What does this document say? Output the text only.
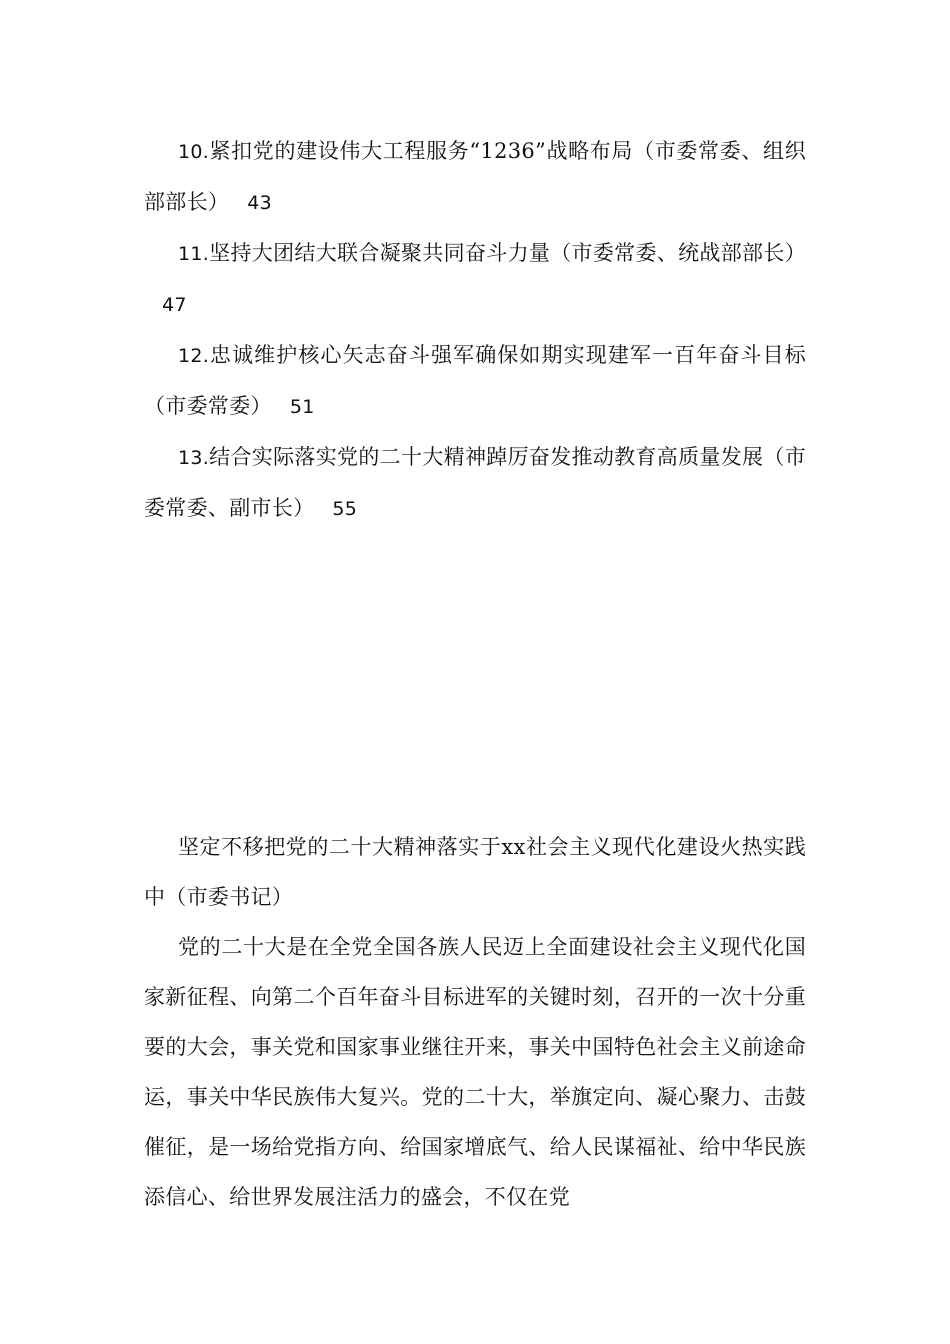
10.紧扣党的建设伟大工程服务“1236”战略布局（市委常委、组织部部长） 43

11.坚持大团结大联合凝聚共同奋斗力量（市委常委、统战部部长）47

12.忠诚维护核心矢志奋斗强军确保如期实现建军一百年奋斗目标（市委常委） 51

13.结合实际落实党的二十大精神踔厉奋发推动教育高质量发展（市委常委、副市长） 55

坚定不移把党的二十大精神落实于xx社会主义现代化建设火热实践中（市委书记）

党的二十大是在全党全国各族人民迈上全面建设社会主义现代化国家新征程、向第二个百年奋斗目标进军的关键时刻，召开的一次十分重要的大会，事关党和国家事业继往开来，事关中国特色社会主义前途命运，事关中华民族伟大复兴。党的二十大，举旗定向、凝心聚力、击鼓催征，是一场给党指方向、给国家增底气、给人民谋福祉、给中华民族添信心、给世界发展注活力的盛会，不仅在党
